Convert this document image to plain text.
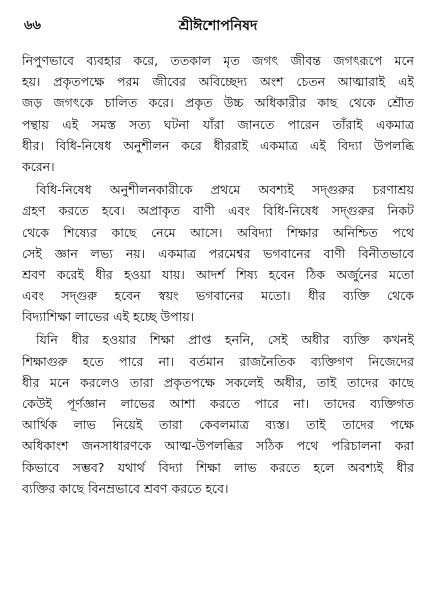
৬৬	শ্রীঈশোপনিষদ
নিপুণভাবে ব্যবহার করে, ততকাল মৃত জগৎ জীবন্ত জগৎরূপে মনে
হয়। প্রকৃতপক্ষে পরম জীবের অবিচ্ছেদ্য অংশ চেতন আত্মারাই এই
জড় জগৎকে চালিত করে। প্রকৃত উচ্চ অধিকারীর কাছ থেকে শ্রৌত
পন্থায় এই সমস্ত সত্য ঘটনা যাঁরা জানতে পারেন তাঁরাই একমাত্র
ধীর। বিধি-নিষেধ অনুশীলন করে ধীররাই একমাত্র এই বিদ্যা উপলব্ধি
করেন।
বিধি-নিষেধ অনুশীলনকারীকে প্রথমে অবশ্যই সদ্গুরুর চরণাশ্রয়
গ্রহণ করতে হবে। অপ্রাকৃত বাণী এবং বিধি-নিষেধ সদ্গুরুর নিকট
থেকে শিষ্যের কাছে নেমে আসে। অবিদ্যা শিক্ষার অনিশ্চিত পথে
সেই জ্ঞান লভ্য নয়। একমাত্র পরমেশ্বর ভগবানের বাণী বিনীতভাবে
শ্রবণ করেই ধীর হওয়া যায়। আদর্শ শিষ্য হবেন ঠিক অর্জুনের মতো
এবং সদ্গুরু হবেন স্বয়ং ভগবানের মতো। ধীর ব্যক্তি থেকে
বিদ্যাশিক্ষা লাভের এই হচ্ছে উপায়।
যিনি ধীর হওয়ার শিক্ষা প্রাপ্ত হননি, সেই অধীর ব্যক্তি কখনই
শিক্ষাগুরু হতে পারে না। বর্তমান রাজনৈতিক ব্যক্তিগণ নিজেদের
ধীর মনে করলেও তারা প্রকৃতপক্ষে সকলেই অধীর, তাই তাদের কাছে
কেউই পূর্ণজ্ঞান লাভের আশা করতে পারে না। তাদের ব্যক্তিগত
আর্থিক লাভ নিয়েই তারা কেবলমাত্র ব্যস্ত। তাই তাদের পক্ষে
অধিকাংশ জনসাধারণকে আত্ম-উপলব্ধির সঠিক পথে পরিচালনা করা
কিভাবে সম্ভব? যথার্থ বিদ্যা শিক্ষা লাভ করতে হলে অবশ্যই ধীর
ব্যক্তির কাছে বিনম্রভাবে শ্রবণ করতে হবে।
